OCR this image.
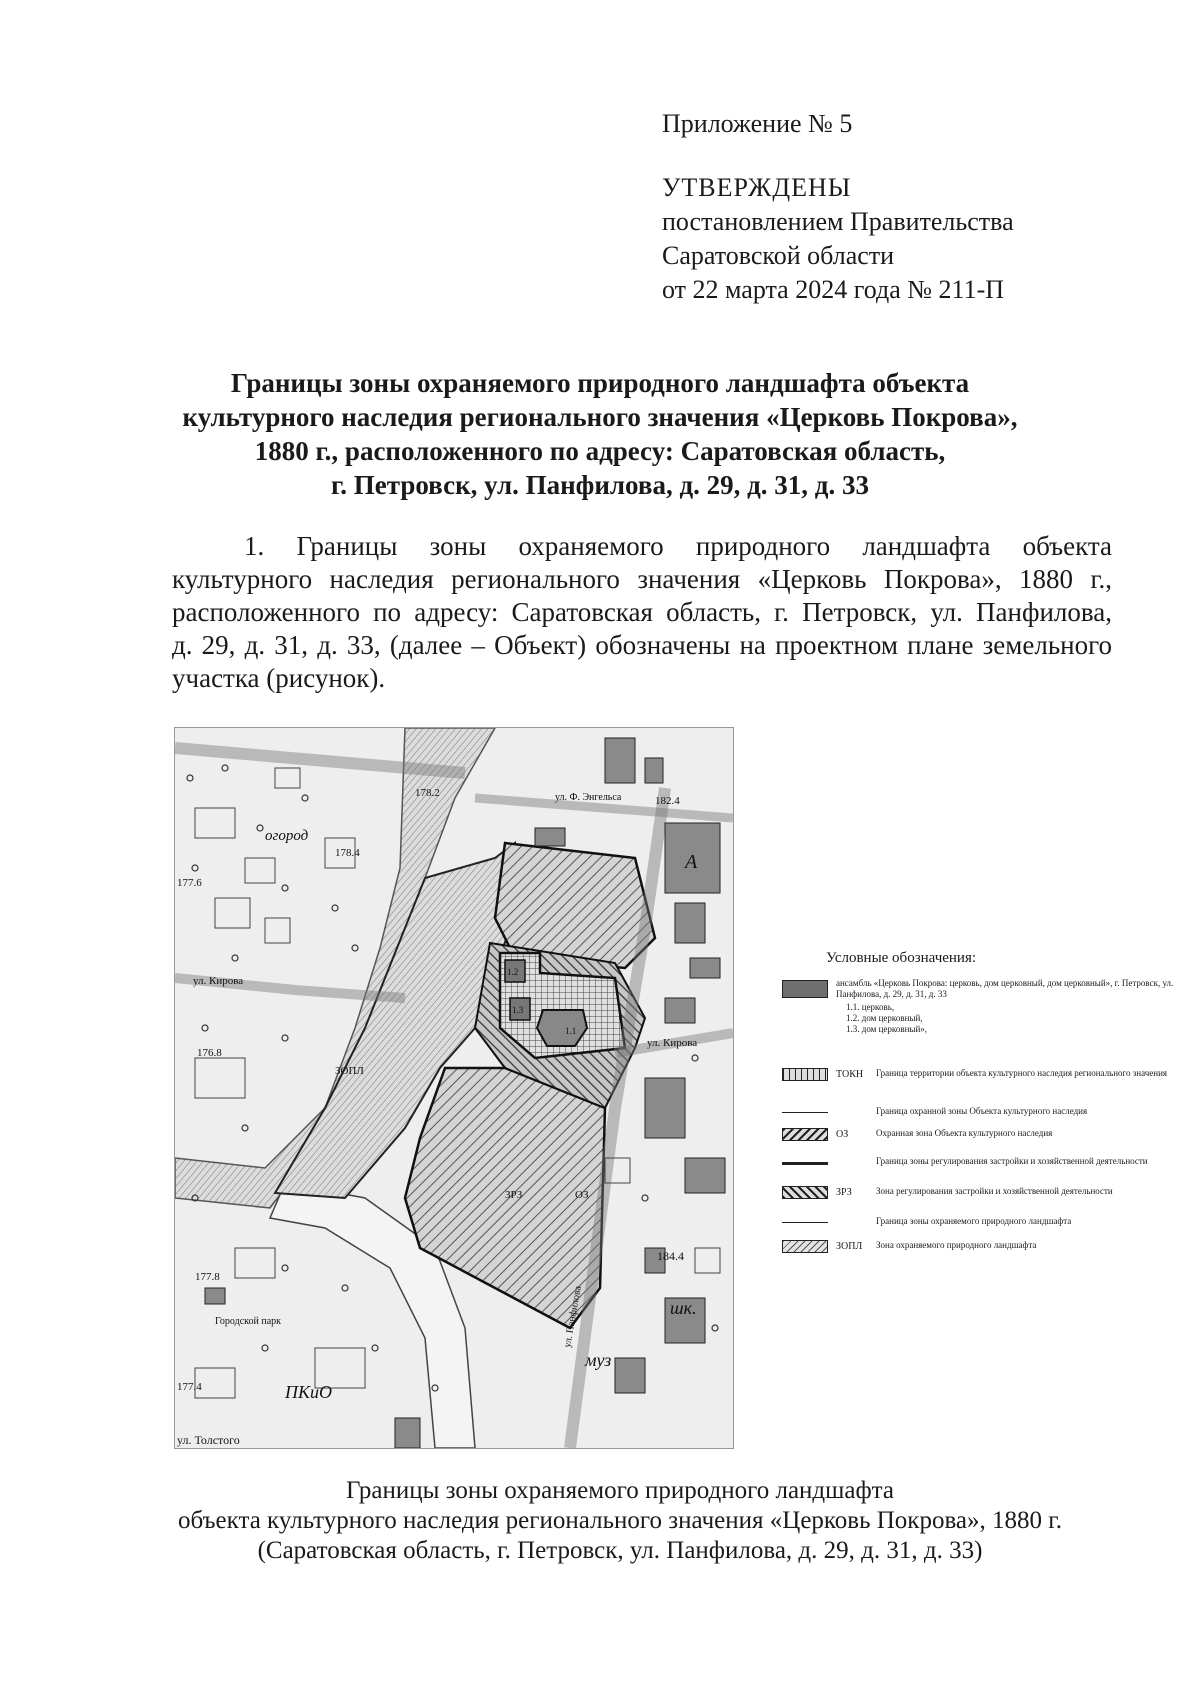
Приложение № 5
УТВЕРЖДЕНЫ
постановлением Правительства
Саратовской области
от 22 марта 2024 года № 211-П
Границы зоны охраняемого природного ландшафта объекта
культурного наследия регионального значения «Церковь Покрова»,
1880 г., расположенного по адресу: Саратовская область,
г. Петровск, ул. Панфилова, д. 29, д. 31, д. 33
1. Границы зоны охраняемого природного ландшафта объекта
культурного наследия регионального значения «Церковь Покрова», 1880 г.,
расположенного по адресу: Саратовская область, г. Петровск, ул. Панфилова,
д. 29, д. 31, д. 33, (далее – Объект) обозначены на проектном плане земельного
участка (рисунок).
огород
178.4
177.6
176.8
184.4
177.4
177.8
178.2
182.4
ул. Кирова
ул. Кирова
ул. Ф. Энгельса
ул. Панфилова
Городской парк
ЗОПЛ
ОЗ
ЗРЗ
А
шк.
муз
ПКиО
ул. Толстого
1.1
1.2
1.3
Условные обозначения:
ансамбль «Церковь Покрова: церковь, дом церковный, дом церковный», г. Петровск, ул. Панфилова, д. 29, д. 31, д. 33
1.1. церковь,
1.2. дом церковный,
1.3. дом церковный»,
ТОКН Граница территории объекта культурного наследия регионального значения
Граница охранной зоны Объекта культурного наследия
ОЗ	Охранная зона Объекта культурного наследия
Граница зоны регулирования застройки и хозяйственной деятельности
ЗРЗ	Зона регулирования застройки и хозяйственной деятельности
Граница зоны охраняемого природного ландшафта
ЗОПЛ Зона охраняемого природного ландшафта
Границы зоны охраняемого природного ландшафта
объекта культурного наследия регионального значения «Церковь Покрова», 1880 г.
(Саратовская область, г. Петровск, ул. Панфилова, д. 29, д. 31, д. 33)
